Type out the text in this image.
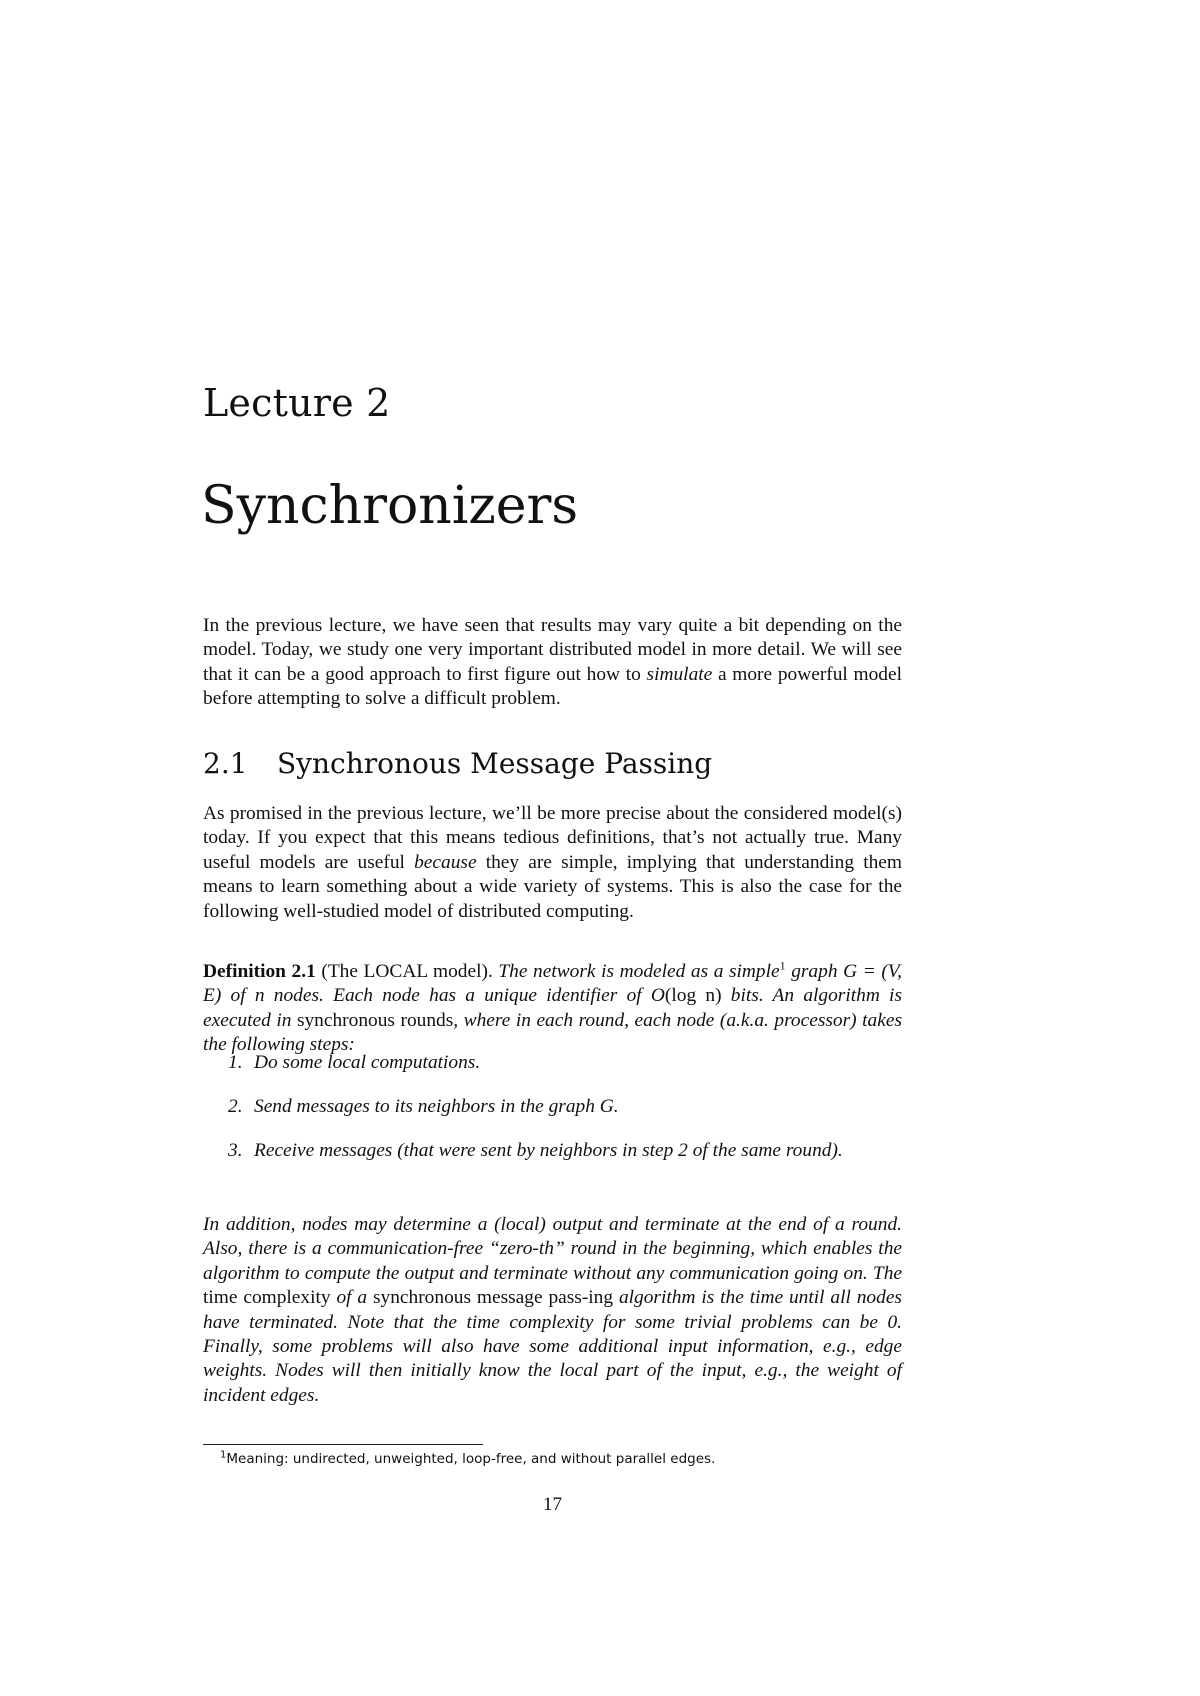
Lecture 2
Synchronizers

In the previous lecture, we have seen that results may vary quite a bit depending on the model. Today, we study one very important distributed model in more detail. We will see that it can be a good approach to first figure out how to simulate a more powerful model before attempting to solve a difficult problem.

2.1 Synchronous Message Passing

As promised in the previous lecture, we’ll be more precise about the considered model(s) today. If you expect that this means tedious definitions, that’s not actually true. Many useful models are useful because they are simple, implying that understanding them means to learn something about a wide variety of systems. This is also the case for the following well-studied model of distributed computing.

Definition 2.1 (The LOCAL model). The network is modeled as a simple$^1$ graph G = (V, E) of n nodes. Each node has a unique identifier of O(log n) bits. An algorithm is executed in synchronous rounds, where in each round, each node (a.k.a. processor) takes the following steps:

1. Do some local computations.
2. Send messages to its neighbors in the graph G.
3. Receive messages (that were sent by neighbors in step 2 of the same round).

In addition, nodes may determine a (local) output and terminate at the end of a round. Also, there is a communication-free “zero-th” round in the beginning, which enables the algorithm to compute the output and terminate without any communication going on. The time complexity of a synchronous message pass-ing algorithm is the time until all nodes have terminated. Note that the time complexity for some trivial problems can be 0. Finally, some problems will also have some additional input information, e.g., edge weights. Nodes will then initially know the local part of the input, e.g., the weight of incident edges.

$^1$Meaning: undirected, unweighted, loop-free, and without parallel edges.
17
